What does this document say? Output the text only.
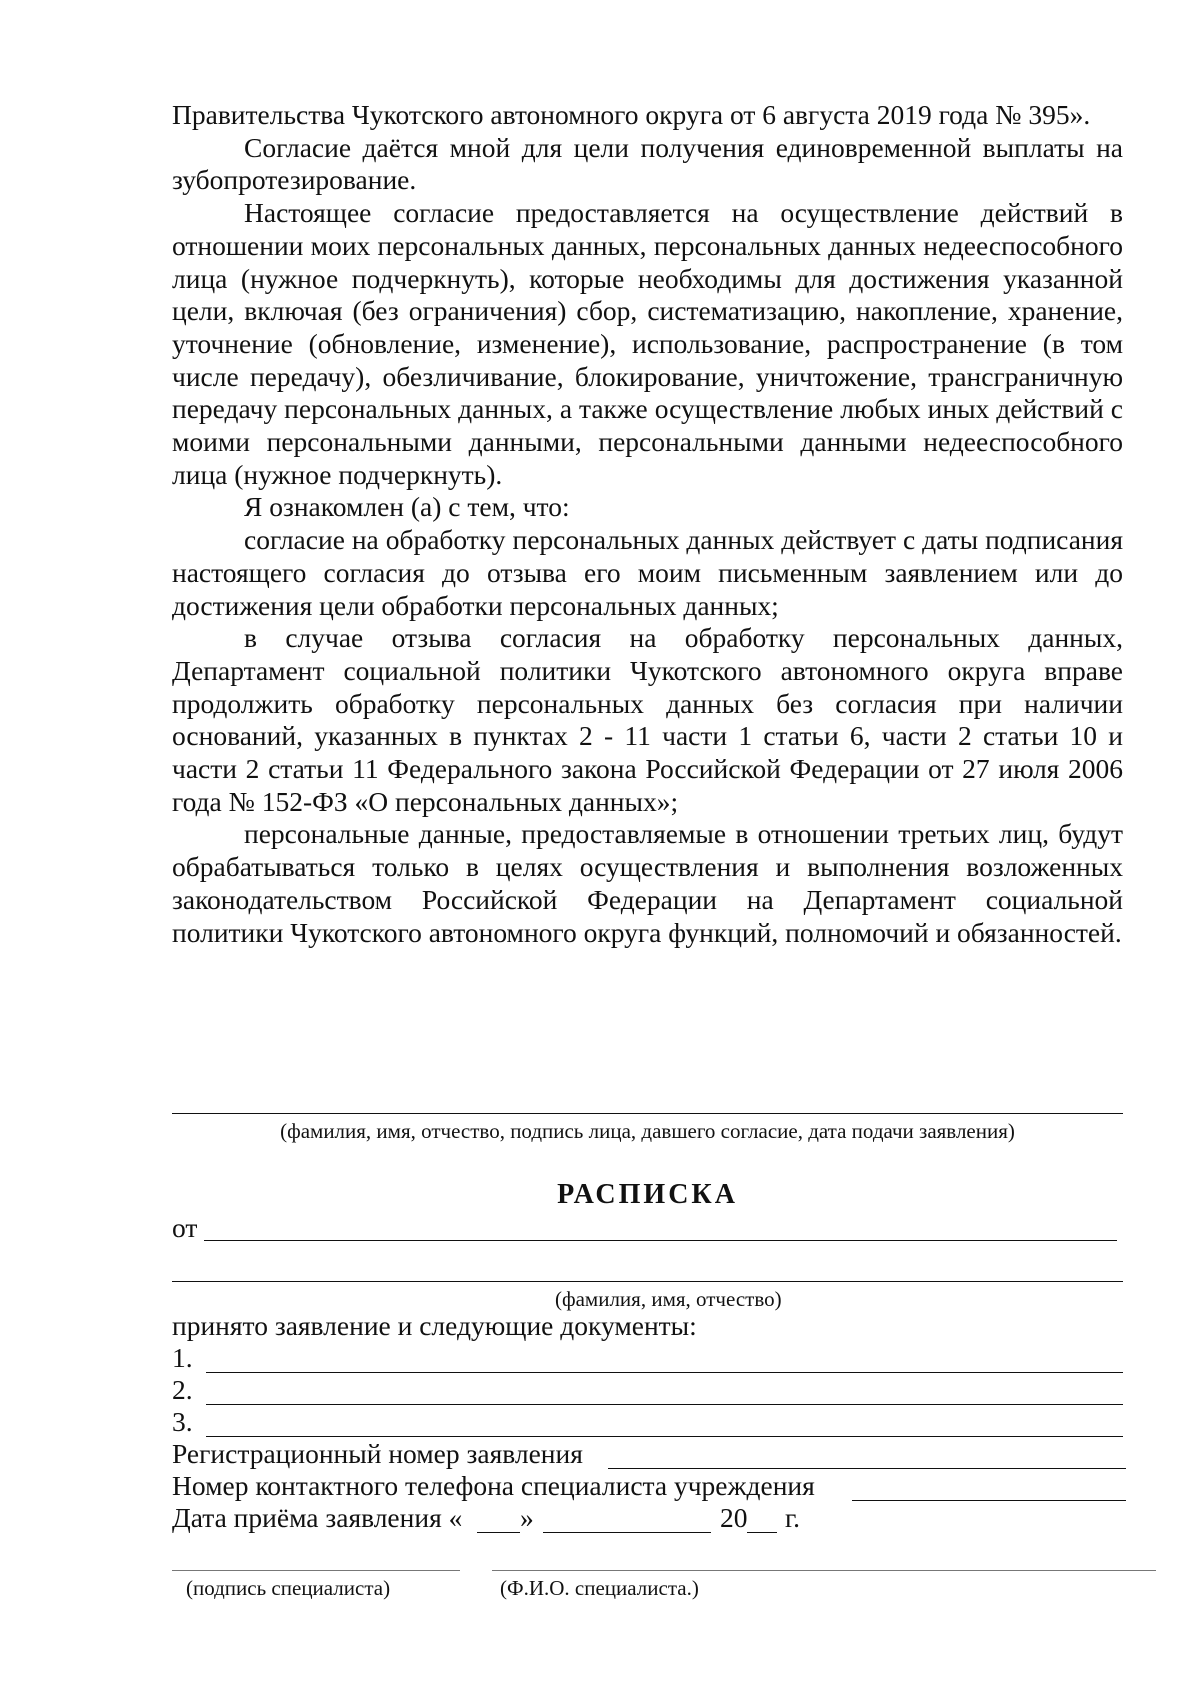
Правительства Чукотского автономного округа от 6 августа 2019 года № 395».

Согласие даётся мной для цели получения единовременной выплаты на зубопротезирование.

Настоящее согласие предоставляется на осуществление действий в отношении моих персональных данных, персональных данных недееспособного лица (нужное подчеркнуть), которые необходимы для достижения указанной цели, включая (без ограничения) сбор, систематизацию, накопление, хранение, уточнение (обновление, изменение), использование, распространение (в том числе передачу), обезличивание, блокирование, уничтожение, трансграничную передачу персональных данных, а также осуществление любых иных действий с моими персональными данными, персональными данными недееспособного лица (нужное подчеркнуть).

Я ознакомлен (а) с тем, что:

согласие на обработку персональных данных действует с даты подписания настоящего согласия до отзыва его моим письменным заявлением или до достижения цели обработки персональных данных;

в случае отзыва согласия на обработку персональных данных, Департамент социальной политики Чукотского автономного округа вправе продолжить обработку персональных данных без согласия при наличии оснований, указанных в пунктах 2 - 11 части 1 статьи 6, части 2 статьи 10 и части 2 статьи 11 Федерального закона Российской Федерации от 27 июля 2006 года № 152-ФЗ «О персональных данных»;

персональные данные, предоставляемые в отношении третьих лиц, будут обрабатываться только в целях осуществления и выполнения возложенных законодательством Российской Федерации на Департамент социальной политики Чукотского автономного округа функций, полномочий и обязанностей.

(фамилия, имя, отчество, подпись лица, давшего согласие, дата подачи заявления)
РАСПИСКА
от
(фамилия, имя, отчество)
принято заявление и следующие документы:
1.
2.
3.
Регистрационный номер заявления
Номер контактного телефона специалиста учреждения
Дата приёма заявления « »	20 г.
(подпись специалиста)	(Ф.И.О. специалиста.)
